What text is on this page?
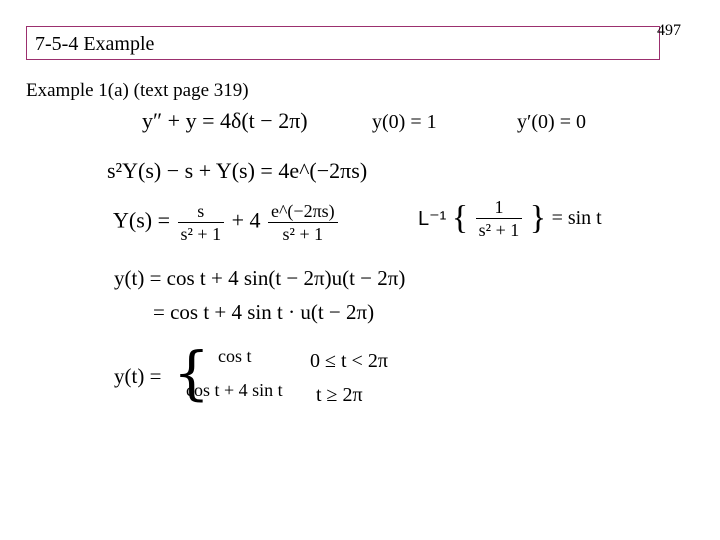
7-5-4 Example
497
Example 1(a) (text page 319)
y″ + y = 4δ(t − 2π)	y(0) = 1	y′(0) = 0
s²Y(s) − s + Y(s) = 4e^(−2πs)
$Y(s) = \frac{s}{\text{s² + 1}} + 4 \frac{e\^{}(-2\pi s)}{\text{s² + 1}}$	L⁻¹ { $\frac{1}{\text{s² + 1}}$ } = sin t
y(t) = cos t + 4 sin(t − 2π)u(t − 2π)
= cos t + 4 sin t · u(t − 2π)
y(t) = { cos t
cos t + 4 sin t
0 ≤ t < 2π
t ≥ 2π
